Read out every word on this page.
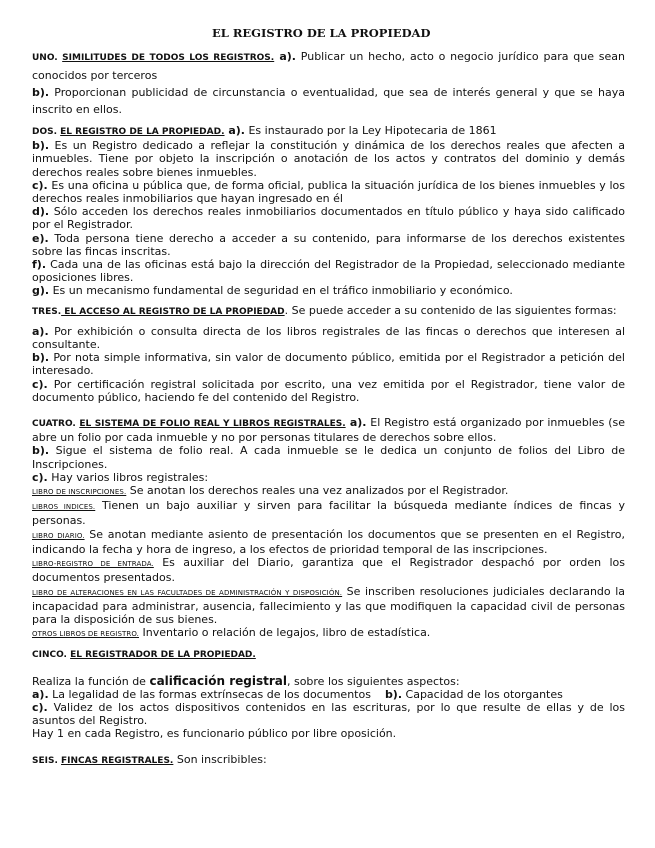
EL REGISTRO DE LA PROPIEDAD

UNO. SIMILITUDES DE TODOS LOS REGISTROS. a). Publicar un hecho, acto o negocio jurídico para que sean conocidos por terceros

b). Proporcionan publicidad de circunstancia o eventualidad, que sea de interés general y que se haya inscrito en ellos.

DOS. EL REGISTRO DE LA PROPIEDAD. a). Es instaurado por la Ley Hipotecaria de 1861

b). Es un Registro dedicado a reflejar la constitución y dinámica de los derechos reales que afecten a inmuebles. Tiene por objeto la inscripción o anotación de los actos y contratos del dominio y demás derechos reales sobre bienes inmuebles.

c). Es una oficina u pública que, de forma oficial, publica la situación jurídica de los bienes inmuebles y los derechos reales inmobiliarios que hayan ingresado en él

d). Sólo acceden los derechos reales inmobiliarios documentados en título público y haya sido calificado por el Registrador.

e). Toda persona tiene derecho a acceder a su contenido, para informarse de los derechos existentes sobre las fincas inscritas.

f). Cada una de las oficinas está bajo la dirección del Registrador de la Propiedad, seleccionado mediante oposiciones libres.

g). Es un mecanismo fundamental de seguridad en el tráfico inmobiliario y económico.

TRES. EL ACCESO AL REGISTRO DE LA PROPIEDAD. Se puede acceder a su contenido de las siguientes formas:

a). Por exhibición o consulta directa de los libros registrales de las fincas o derechos que interesen al consultante.

b). Por nota simple informativa, sin valor de documento público, emitida por el Registrador a petición del interesado.

c). Por certificación registral solicitada por escrito, una vez emitida por el Registrador, tiene valor de documento público, haciendo fe del contenido del Registro.

CUATRO. EL SISTEMA DE FOLIO REAL Y LIBROS REGISTRALES. a). El Registro está organizado por inmuebles (se abre un folio por cada inmueble y no por personas titulares de derechos sobre ellos.

b). Sigue el sistema de folio real. A cada inmueble se le dedica un conjunto de folios del Libro de Inscripciones.

c). Hay varios libros registrales:

LIBRO DE INSCRIPCIONES. Se anotan los derechos reales una vez analizados por el Registrador.

LIBROS INDICES. Tienen un bajo auxiliar y sirven para facilitar la búsqueda mediante índices de fincas y personas.

LIBRO DIARIO. Se anotan mediante asiento de presentación los documentos que se presenten en el Registro, indicando la fecha y hora de ingreso, a los efectos de prioridad temporal de las inscripciones.

LIBRO-REGISTRO DE ENTRADA. Es auxiliar del Diario, garantiza que el Registrador despachó por orden los documentos presentados.

LIBRO DE ALTERACIONES EN LAS FACULTADES DE ADMINISTRACIÓN Y DISPOSICIÓN. Se inscriben resoluciones judiciales declarando la incapacidad para administrar, ausencia, fallecimiento y las que modifiquen la capacidad civil de personas para la disposición de sus bienes.

OTROS LIBROS DE REGISTRO. Inventario o relación de legajos, libro de estadística.

CINCO. EL REGISTRADOR DE LA PROPIEDAD.

Realiza la función de calificación registral, sobre los siguientes aspectos:

a). La legalidad de las formas extrínsecas de los documentos b). Capacidad de los otorgantes

c). Validez de los actos dispositivos contenidos en las escrituras, por lo que resulte de ellas y de los asuntos del Registro.

Hay 1 en cada Registro, es funcionario público por libre oposición.

SEIS. FINCAS REGISTRALES. Son inscribibles:
